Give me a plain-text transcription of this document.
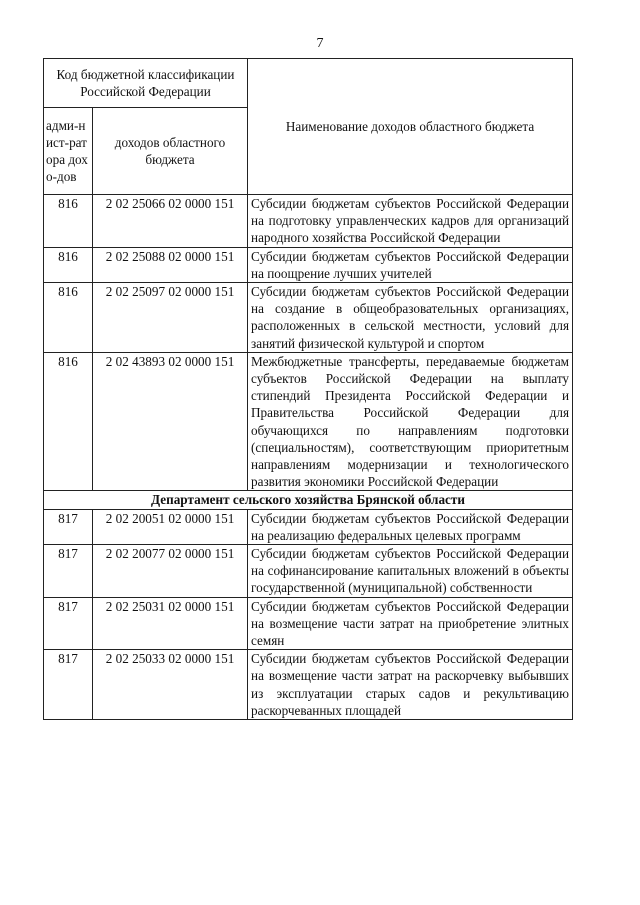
7
Код бюджетной классификации Российской Федерации		Наименование доходов областного бюджета
адми-нист-ратора дохо-дов	доходов областного бюджета	
816	2 02 25066 02 0000 151	Субсидии бюджетам субъектов Российской Федерации на подготовку управленческих кадров для организаций народного хозяйства Российской Федерации
816	2 02 25088 02 0000 151	Субсидии бюджетам субъектов Российской Федерации на поощрение лучших учителей
816	2 02 25097 02 0000 151	Субсидии бюджетам субъектов Российской Федерации на создание в общеобразовательных организациях, расположенных в сельской местности, условий для занятий физической культурой и спортом
816	2 02 43893 02 0000 151	Межбюджетные трансферты, передаваемые бюджетам субъектов Российской Федерации на выплату стипендий Президента Российской Федерации и Правительства Российской Федерации для обучающихся по направлениям подготовки (специальностям), соответствующим приоритетным направлениям модернизации и технологического развития экономики Российской Федерации
Департамент сельского хозяйства Брянской области		
817	2 02 20051 02 0000 151	Субсидии бюджетам субъектов Российской Федерации на реализацию федеральных целевых программ
817	2 02 20077 02 0000 151	Субсидии бюджетам субъектов Российской Федерации на софинансирование капитальных вложений в объекты государственной (муниципальной) собственности
817	2 02 25031 02 0000 151	Субсидии бюджетам субъектов Российской Федерации на возмещение части затрат на приобретение элитных семян
817	2 02 25033 02 0000 151	Субсидии бюджетам субъектов Российской Федерации на возмещение части затрат на раскорчевку выбывших из эксплуатации старых садов и рекультивацию раскорчеванных площадей
